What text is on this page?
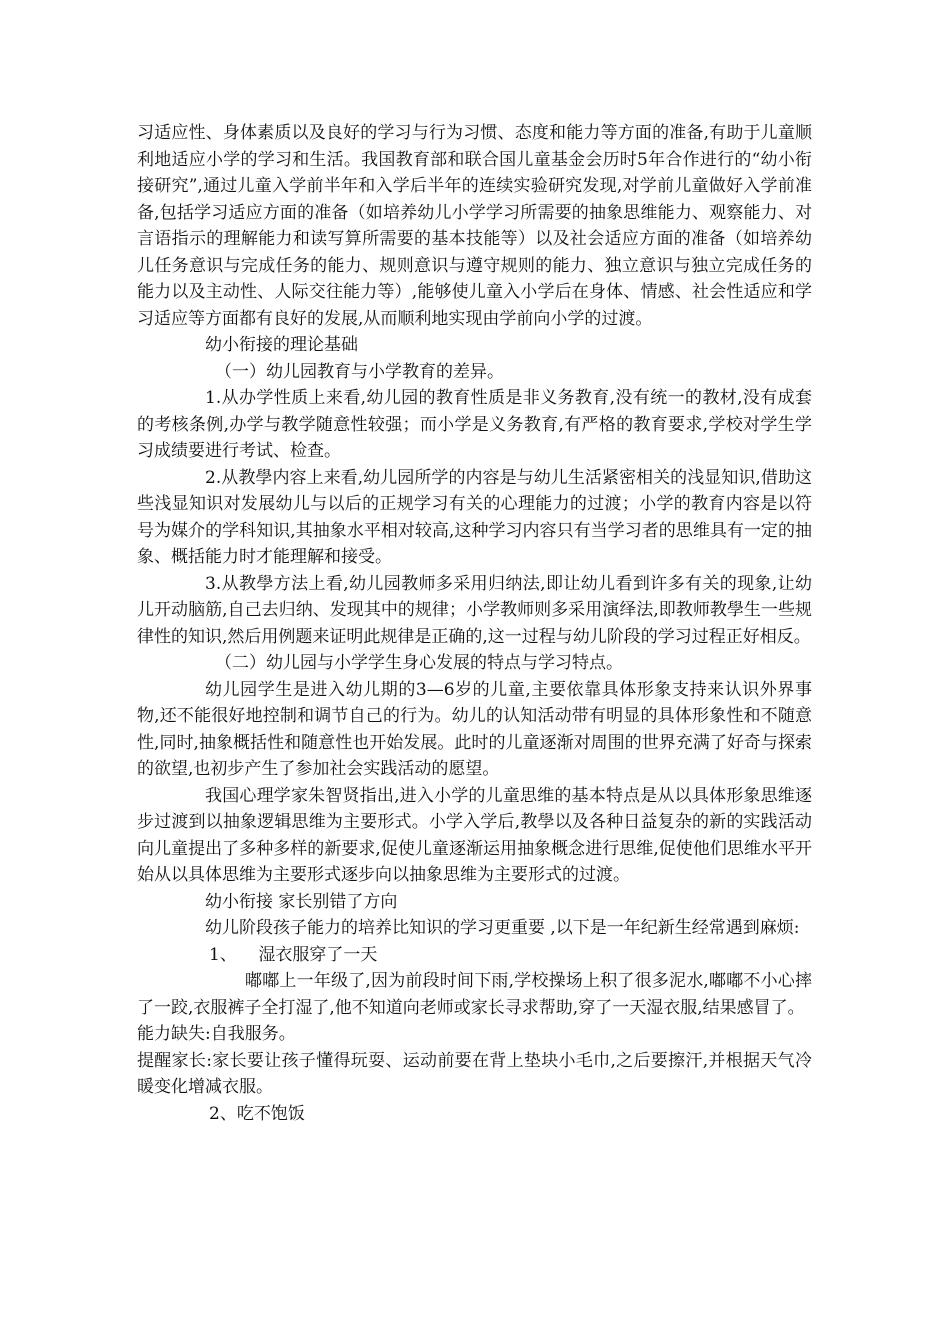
习适应性、身体素质以及良好的学习与行为习惯、态度和能力等方面的准备,有助于儿童顺利地适应小学的学习和生活。我国教育部和联合国儿童基金会历时5年合作进行的“幼小衔接研究”,通过儿童入学前半年和入学后半年的连续实验研究发现,对学前儿童做好入学前准备,包括学习适应方面的准备（如培养幼儿小学学习所需要的抽象思维能力、观察能力、对言语指示的理解能力和读写算所需要的基本技能等）以及社会适应方面的准备（如培养幼儿任务意识与完成任务的能力、规则意识与遵守规则的能力、独立意识与独立完成任务的能力以及主动性、人际交往能力等）,能够使儿童入小学后在身体、情感、社会性适应和学习适应等方面都有良好的发展,从而顺利地实现由学前向小学的过渡。

幼小衔接的理论基础

（一）幼儿园教育与小学教育的差异。

1.从办学性质上来看,幼儿园的教育性质是非义务教育,没有统一的教材,没有成套的考核条例,办学与教学随意性较强；而小学是义务教育,有严格的教育要求,学校对学生学习成绩要进行考试、检查。

2.从教學内容上来看,幼儿园所学的内容是与幼儿生活紧密相关的浅显知识,借助这些浅显知识对发展幼儿与以后的正规学习有关的心理能力的过渡；小学的教育内容是以符号为媒介的学科知识,其抽象水平相对较高,这种学习内容只有当学习者的思维具有一定的抽象、概括能力时才能理解和接受。

3.从教學方法上看,幼儿园教师多采用归纳法,即让幼儿看到许多有关的现象,让幼儿开动脑筋,自己去归纳、发现其中的规律；小学教师则多采用演绎法,即教师教學生一些规律性的知识,然后用例题来证明此规律是正确的,这一过程与幼儿阶段的学习过程正好相反。

（二）幼儿园与小学学生身心发展的特点与学习特点。

幼儿园学生是进入幼儿期的3—6岁的儿童,主要依靠具体形象支持来认识外界事物,还不能很好地控制和调节自己的行为。幼儿的认知活动带有明显的具体形象性和不随意性,同时,抽象概括性和随意性也开始发展。此时的儿童逐渐对周围的世界充满了好奇与探索的欲望,也初步产生了参加社会实践活动的愿望。

我国心理学家朱智贤指出,进入小学的儿童思维的基本特点是从以具体形象思维逐步过渡到以抽象逻辑思维为主要形式。小学入学后,教學以及各种日益复杂的新的实践活动向儿童提出了多种多样的新要求,促使儿童逐渐运用抽象概念进行思维,促使他们思维水平开始从以具体思维为主要形式逐步向以抽象思维为主要形式的过渡。

幼小衔接 家长别错了方向

幼儿阶段孩子能力的培养比知识的学习更重要 ,以下是一年纪新生经常遇到麻烦:

1、    湿衣服穿了一天

嘟嘟上一年级了,因为前段时间下雨,学校操场上积了很多泥水,嘟嘟不小心摔了一跤,衣服裤子全打湿了,他不知道向老师或家长寻求帮助,穿了一天湿衣服,结果感冒了。

能力缺失:自我服务。

提醒家长:家长要让孩子懂得玩耍、运动前要在背上垫块小毛巾,之后要擦汗,并根据天气冷暖变化增减衣服。

2、吃不饱饭
